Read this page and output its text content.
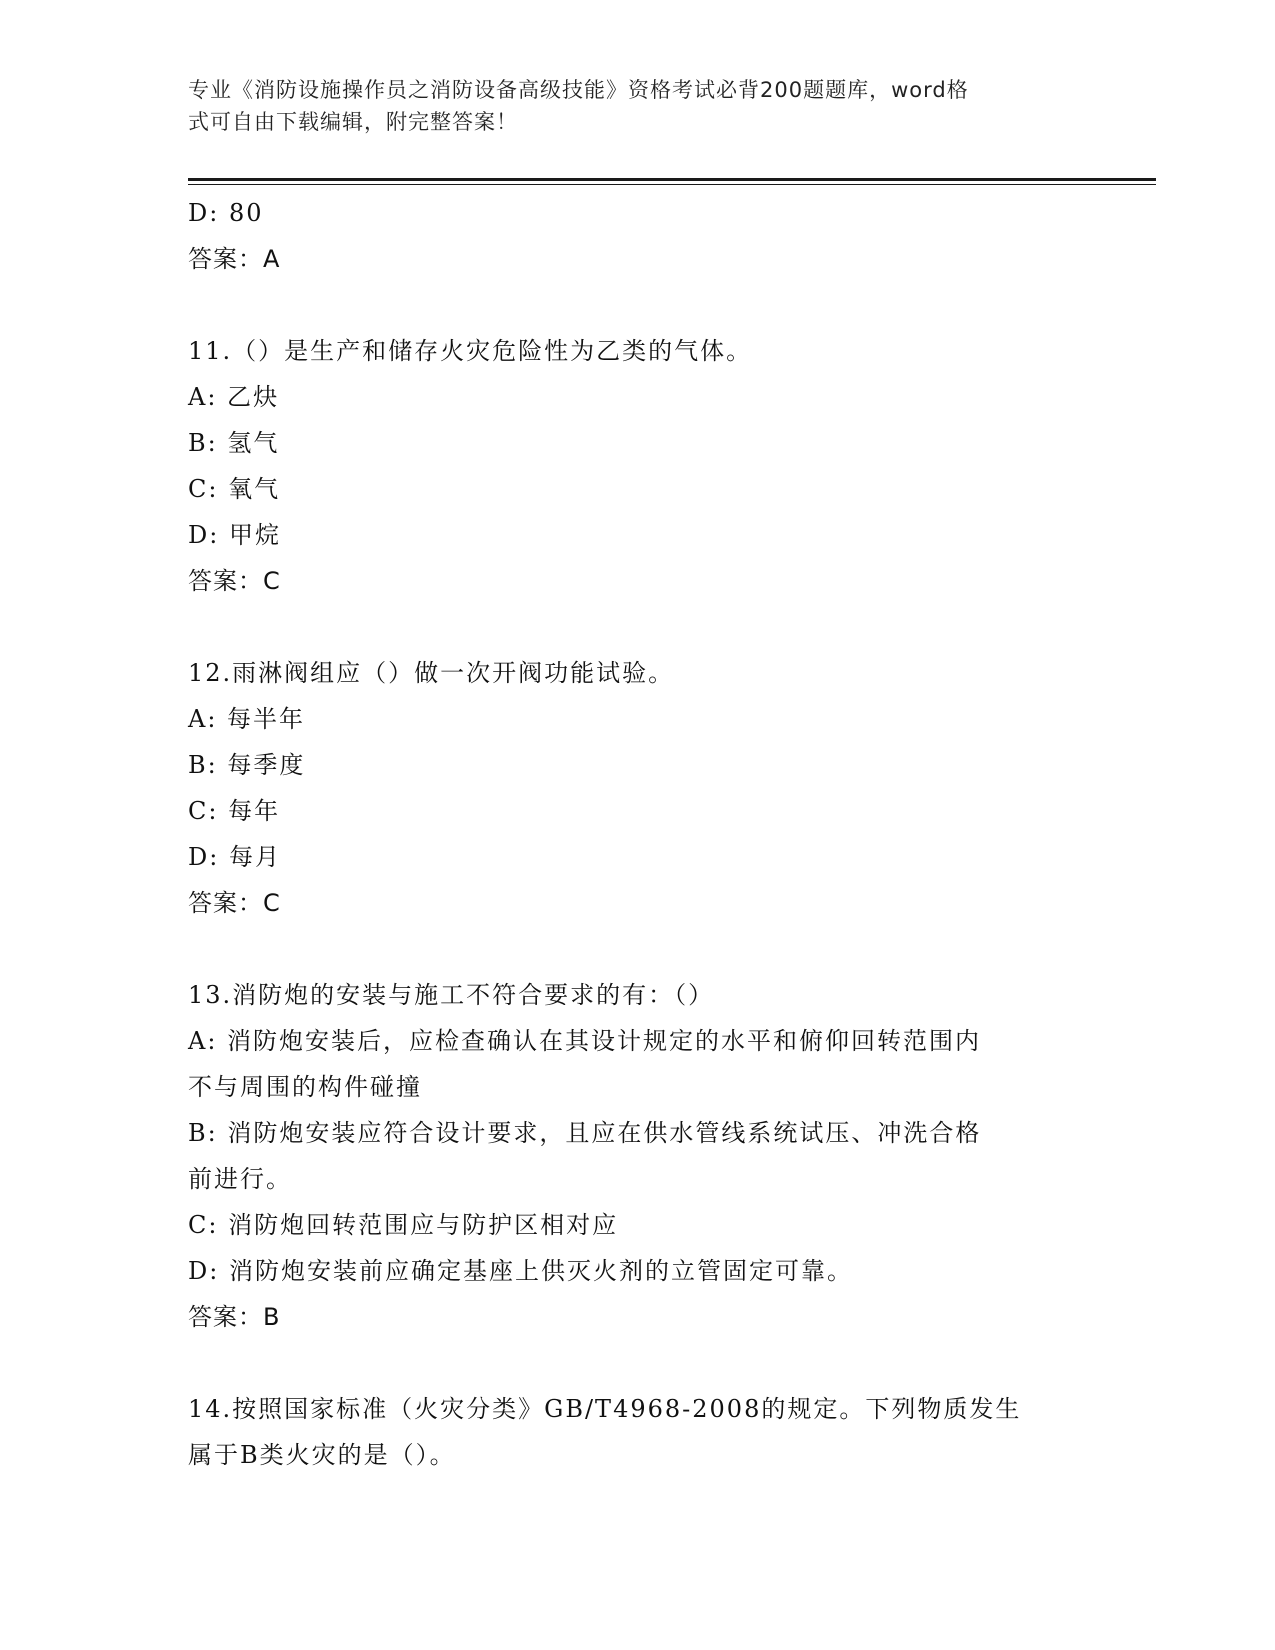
专业《消防设施操作员之消防设备高级技能》资格考试必背200题题库，word格
式可自由下载编辑，附完整答案！
D: 80
答案：A
11.（）是生产和储存火灾危险性为乙类的气体。
A: 乙炔
B: 氢气
C: 氧气
D: 甲烷
答案：C
12.雨淋阀组应（）做一次开阀功能试验。
A: 每半年
B: 每季度
C: 每年
D: 每月
答案：C
13.消防炮的安装与施工不符合要求的有：（）
A: 消防炮安装后，应检查确认在其设计规定的水平和俯仰回转范围内
不与周围的构件碰撞
B: 消防炮安装应符合设计要求，且应在供水管线系统试压、冲洗合格
前进行。
C: 消防炮回转范围应与防护区相对应
D: 消防炮安装前应确定基座上供灭火剂的立管固定可靠。
答案：B
14.按照国家标准（火灾分类》GB/T4968-2008的规定。下列物质发生
属于B类火灾的是（）。
